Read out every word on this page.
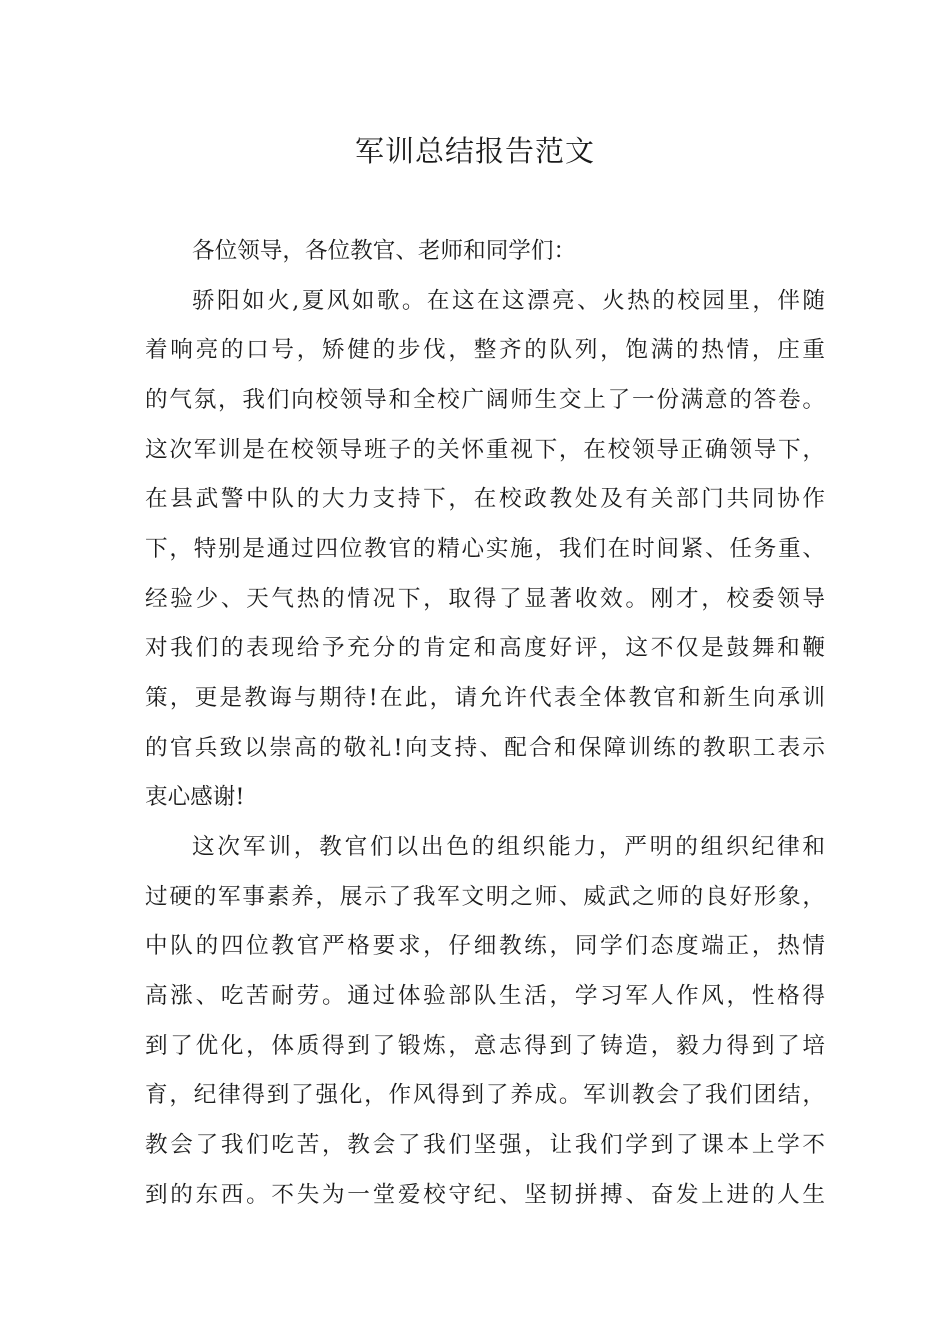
军训总结报告范文

各位领导，各位教官、老师和同学们：

骄阳如火,夏风如歌。在这在这漂亮、火热的校园里，伴随

着响亮的口号，矫健的步伐，整齐的队列，饱满的热情，庄重

的气氛，我们向校领导和全校广阔师生交上了一份满意的答卷。

这次军训是在校领导班子的关怀重视下，在校领导正确领导下，

在县武警中队的大力支持下，在校政教处及有关部门共同协作

下，特别是通过四位教官的精心实施，我们在时间紧、任务重、

经验少、天气热的情况下，取得了显著收效。刚才，校委领导

对我们的表现给予充分的肯定和高度好评，这不仅是鼓舞和鞭

策，更是教诲与期待!在此，请允许代表全体教官和新生向承训

的官兵致以崇高的敬礼!向支持、配合和保障训练的教职工表示

衷心感谢!

这次军训，教官们以出色的组织能力，严明的组织纪律和

过硬的军事素养，展示了我军文明之师、威武之师的良好形象，

中队的四位教官严格要求，仔细教练，同学们态度端正，热情

高涨、吃苦耐劳。通过体验部队生活，学习军人作风，性格得

到了优化，体质得到了锻炼，意志得到了铸造，毅力得到了培

育，纪律得到了强化，作风得到了养成。军训教会了我们团结，

教会了我们吃苦，教会了我们坚强，让我们学到了课本上学不

到的东西。不失为一堂爱校守纪、坚韧拼搏、奋发上进的人生
